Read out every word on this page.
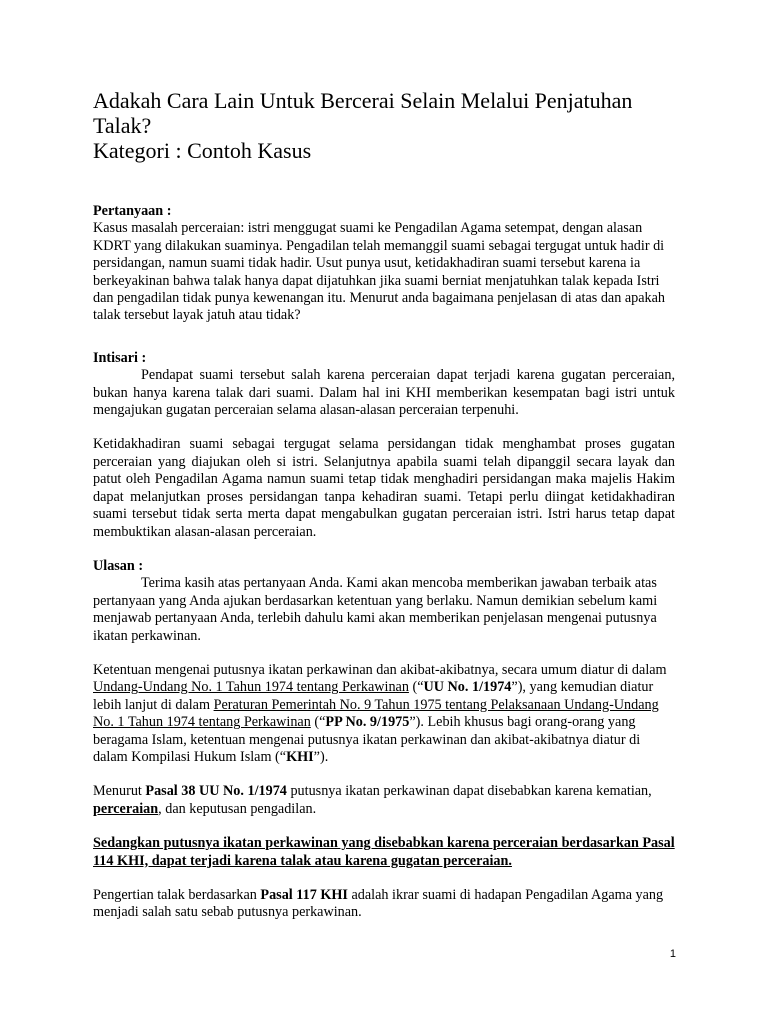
Adakah Cara Lain Untuk Bercerai Selain Melalui Penjatuhan
Talak?
Kategori : Contoh Kasus

Pertanyaan :

Kasus masalah perceraian: istri menggugat suami ke Pengadilan Agama setempat, dengan alasan KDRT yang dilakukan suaminya. Pengadilan telah memanggil suami sebagai tergugat untuk hadir di persidangan, namun suami tidak hadir. Usut punya usut, ketidakhadiran suami tersebut karena ia berkeyakinan bahwa talak hanya dapat dijatuhkan jika suami berniat menjatuhkan talak kepada Istri dan pengadilan tidak punya kewenangan itu. Menurut anda bagaimana penjelasan di atas dan apakah talak tersebut layak jatuh atau tidak?

Intisari :

Pendapat suami tersebut salah karena perceraian dapat terjadi karena gugatan perceraian, bukan hanya karena talak dari suami. Dalam hal ini KHI memberikan kesempatan bagi istri untuk mengajukan gugatan perceraian selama alasan-alasan perceraian terpenuhi.

Ketidakhadiran suami sebagai tergugat selama persidangan tidak menghambat proses gugatan perceraian yang diajukan oleh si istri. Selanjutnya apabila suami telah dipanggil secara layak dan patut oleh Pengadilan Agama namun suami tetap tidak menghadiri persidangan maka majelis Hakim dapat melanjutkan proses persidangan tanpa kehadiran suami. Tetapi perlu diingat ketidakhadiran suami tersebut tidak serta merta dapat mengabulkan gugatan perceraian istri. Istri harus tetap dapat membuktikan alasan-alasan perceraian.

Ulasan :

Terima kasih atas pertanyaan Anda. Kami akan mencoba memberikan jawaban terbaik atas pertanyaan yang Anda ajukan berdasarkan ketentuan yang berlaku. Namun demikian sebelum kami menjawab pertanyaan Anda, terlebih dahulu kami akan memberikan penjelasan mengenai putusnya ikatan perkawinan.

Ketentuan mengenai putusnya ikatan perkawinan dan akibat-akibatnya, secara umum diatur di dalam Undang-Undang No. 1 Tahun 1974 tentang Perkawinan (“UU No. 1/1974”), yang kemudian diatur lebih lanjut di dalam Peraturan Pemerintah No. 9 Tahun 1975 tentang Pelaksanaan Undang-Undang No. 1 Tahun 1974 tentang Perkawinan (“PP No. 9/1975”). Lebih khusus bagi orang-orang yang beragama Islam, ketentuan mengenai putusnya ikatan perkawinan dan akibat-akibatnya diatur di dalam Kompilasi Hukum Islam (“KHI”).

Menurut Pasal 38 UU No. 1/1974 putusnya ikatan perkawinan dapat disebabkan karena kematian, perceraian, dan keputusan pengadilan.

Sedangkan putusnya ikatan perkawinan yang disebabkan karena perceraian berdasarkan Pasal 114 KHI, dapat terjadi karena talak atau karena gugatan perceraian.

Pengertian talak berdasarkan Pasal 117 KHI adalah ikrar suami di hadapan Pengadilan Agama yang menjadi salah satu sebab putusnya perkawinan.

1
